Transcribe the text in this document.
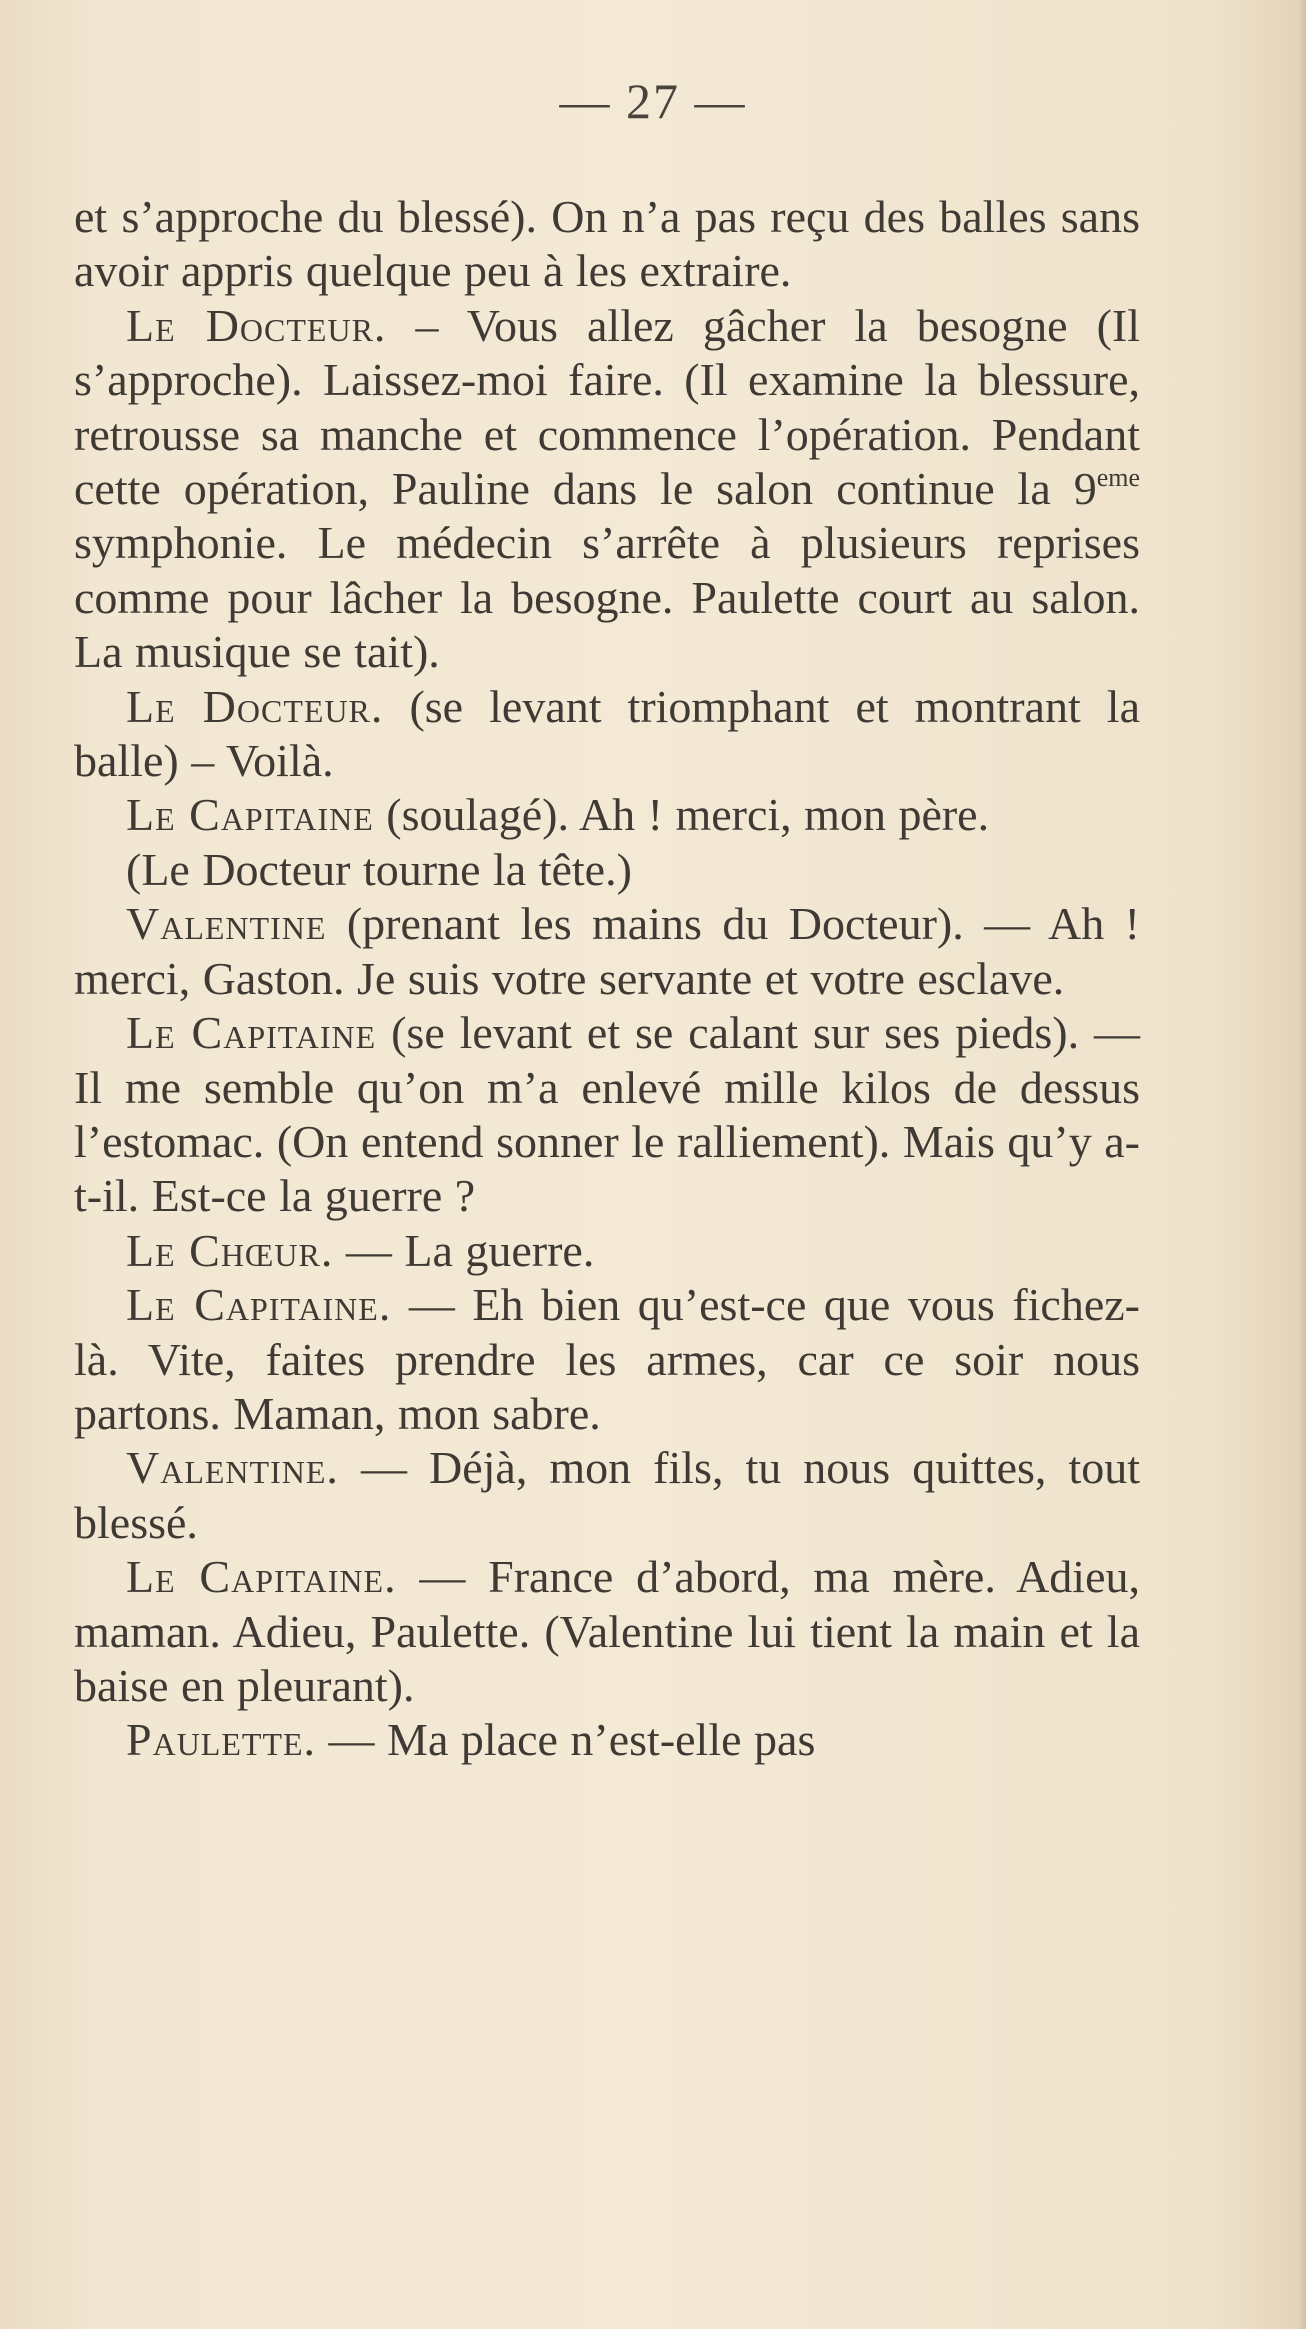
— 27 —

et s’approche du blessé). On n’a pas reçu des balles sans avoir appris quelque peu à les extraire.

Le Docteur. – Vous allez gâcher la besogne (Il s’approche). Laissez-moi faire. (Il examine la blessure, retrousse sa manche et commence l’opération. Pendant cette opération, Pauline dans le salon continue la 9eme symphonie. Le médecin s’arrête à plusieurs reprises comme pour lâcher la besogne. Paulette court au salon. La musique se tait).

Le Docteur. (se levant triomphant et montrant la balle) – Voilà.

Le Capitaine (soulagé). Ah ! merci, mon père.

(Le Docteur tourne la tête.)

Valentine (prenant les mains du Docteur). — Ah ! merci, Gaston. Je suis votre servante et votre esclave.

Le Capitaine (se levant et se calant sur ses pieds). — Il me semble qu’on m’a enlevé mille kilos de dessus l’estomac. (On entend sonner le ralliement). Mais qu’y a-t-il. Est-ce la guerre ?

Le Chœur. — La guerre.

Le Capitaine. — Eh bien qu’est-ce que vous fichez-là. Vite, faites prendre les armes, car ce soir nous partons. Maman, mon sabre.

Valentine. — Déjà, mon fils, tu nous quittes, tout blessé.

Le Capitaine. — France d’abord, ma mère. Adieu, maman. Adieu, Paulette. (Valentine lui tient la main et la baise en pleurant).

Paulette. — Ma place n’est-elle pas
